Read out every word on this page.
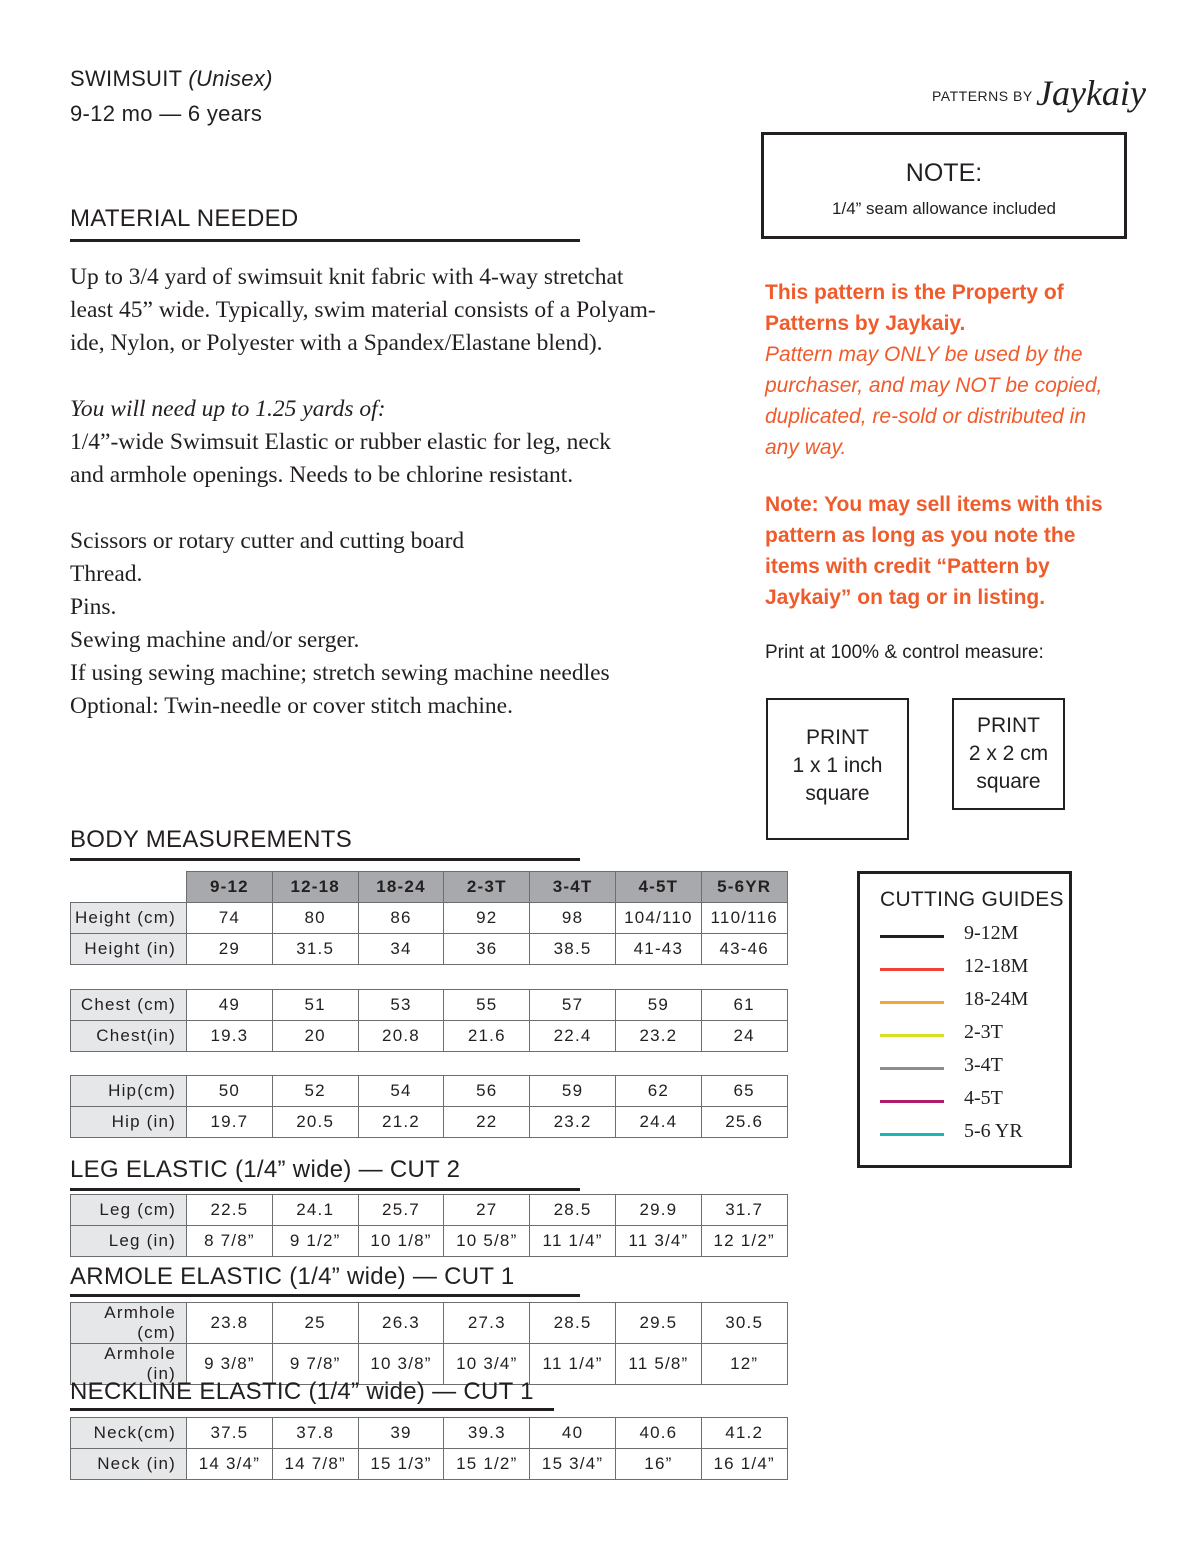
SWIMSUIT (Unisex)
9-12 mo — 6 years
PATTERNS BY Jaykaiy
NOTE:
1/4” seam allowance included
MATERIAL NEEDED
Up to 3/4 yard of swimsuit knit fabric with 4-way stretchat
least 45” wide. Typically, swim material consists of a Polyam-
ide, Nylon, or Polyester with a Spandex/Elastane blend).
You will need up to 1.25 yards of:
1/4”-wide Swimsuit Elastic or rubber elastic for leg, neck
and armhole openings. Needs to be chlorine resistant.
Scissors or rotary cutter and cutting board
Thread.
Pins.
Sewing machine and/or serger.
If using sewing machine; stretch sewing machine needles
Optional: Twin-needle or cover stitch machine.
This pattern is the Property of
Patterns by Jaykaiy.
Pattern may ONLY be used by the
purchaser, and may NOT be copied,
duplicated, re-sold or distributed in
any way.
Note: You may sell items with this
pattern as long as you note the
items with credit “Pattern by
Jaykaiy” on tag or in listing.
Print at 100% & control measure:
PRINT
1 x 1 inch
square
PRINT
2 x 2 cm
square
CUTTING GUIDES
9-12M
12-18M
18-24M
2-3T
3-4T
4-5T
5-6 YR
BODY MEASUREMENTS
	9-12	12-18	18-24	2-3T	3-4T	4-5T	5-6YR
Height (cm)	74	80	86	92	98	104/110	110/116
Height (in)	29	31.5	34	36	38.5	41-43	43-46
Chest (cm)	49	51	53	55	57	59	61
Chest(in)	19.3	20	20.8	21.6	22.4	23.2	24
Hip(cm)	50	52	54	56	59	62	65
Hip (in)	19.7	20.5	21.2	22	23.2	24.4	25.6
LEG ELASTIC (1/4” wide) — CUT 2
Leg (cm)	22.5	24.1	25.7	27	28.5	29.9	31.7
Leg (in)	8 7/8”	9 1/2”	10 1/8”	10 5/8”	11 1/4”	11 3/4”	12 1/2”
ARMOLE ELASTIC (1/4” wide) — CUT 1
Armhole (cm)	23.8	25	26.3	27.3	28.5	29.5	30.5
Armhole (in)	9 3/8”	9 7/8”	10 3/8”	10 3/4”	11 1/4”	11 5/8”	12”
NECKLINE ELASTIC (1/4” wide) — CUT 1
Neck(cm)	37.5	37.8	39	39.3	40	40.6	41.2
Neck (in)	14 3/4”	14 7/8”	15 1/3”	15 1/2”	15 3/4”	16”	16 1/4”
